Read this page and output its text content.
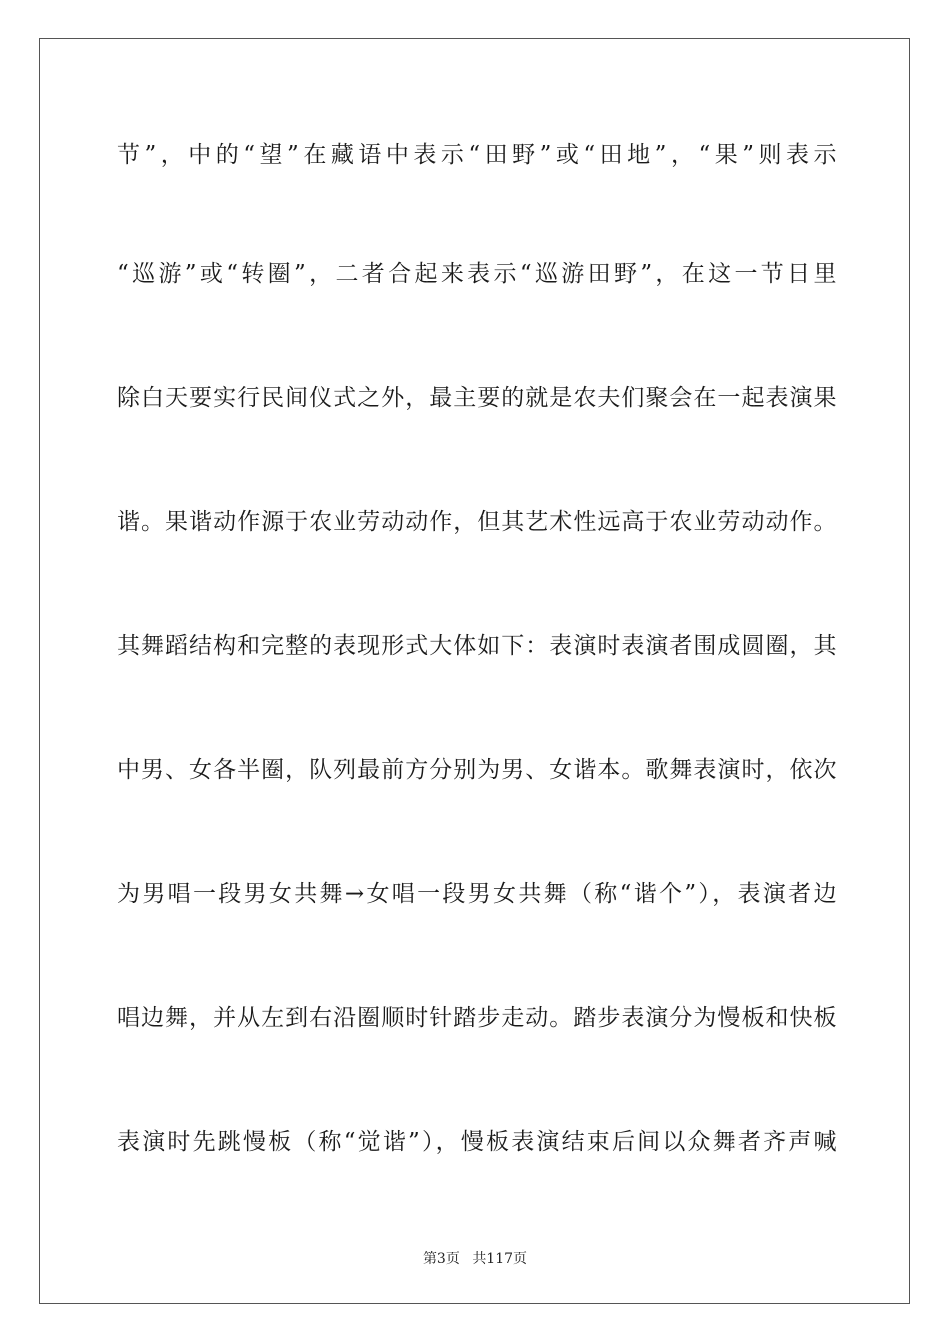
节”，中的“望”在藏语中表示“田野”或“田地”，“果”则表示
“巡游”或“转圈”，二者合起来表示“巡游田野”，在这一节日里
除白天要实行民间仪式之外，最主要的就是农夫们聚会在一起表演果
谐。果谐动作源于农业劳动动作，但其艺术性远高于农业劳动动作。
其舞蹈结构和完整的表现形式大体如下：表演时表演者围成圆圈，其
中男、女各半圈，队列最前方分别为男、女谐本。歌舞表演时，依次
为男唱一段男女共舞→女唱一段男女共舞（称“谐个”），表演者边
唱边舞，并从左到右沿圈顺时针踏步走动。踏步表演分为慢板和快板
表演时先跳慢板（称“觉谐”），慢板表演结束后间以众舞者齐声喊
第3页 共117页
